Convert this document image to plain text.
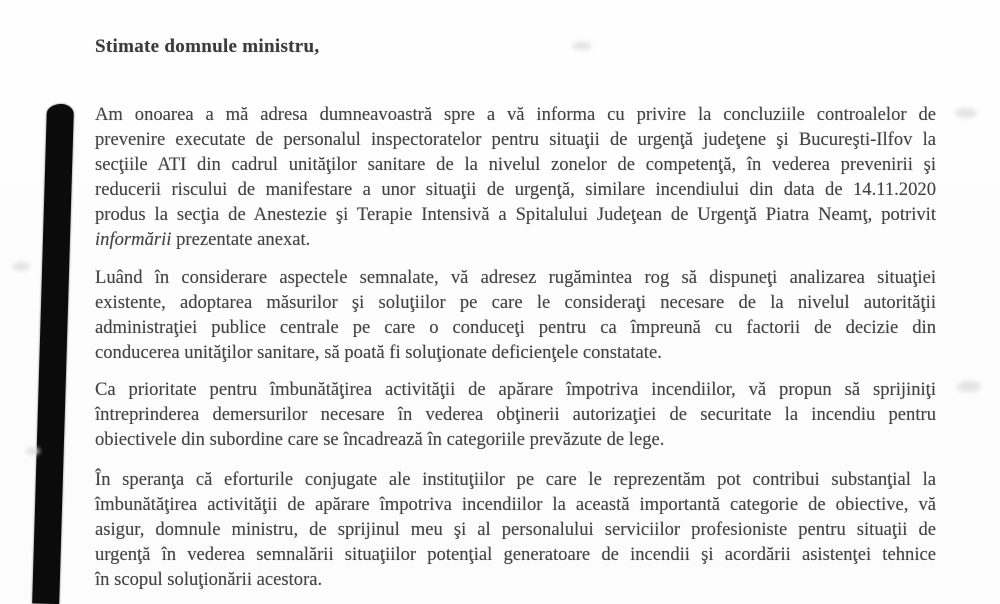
Stimate domnule ministru,
Am onoarea a mă adresa dumneavoastră spre a vă informa cu privire la concluziile controalelor de
prevenire executate de personalul inspectoratelor pentru situaţii de urgenţă judeţene şi Bucureşti-Ilfov la
secţiile ATI din cadrul unităţilor sanitare de la nivelul zonelor de competenţă, în vederea prevenirii şi
reducerii riscului de manifestare a unor situaţii de urgenţă, similare incendiului din data de 14.11.2020
produs la secţia de Anestezie şi Terapie Intensivă a Spitalului Judeţean de Urgenţă Piatra Neamţ, potrivit
informării prezentate anexat.
Luând în considerare aspectele semnalate, vă adresez rugămintea rog să dispuneţi analizarea situaţiei
existente, adoptarea măsurilor şi soluţiilor pe care le consideraţi necesare de la nivelul autorităţii
administraţiei publice centrale pe care o conduceţi pentru ca împreună cu factorii de decizie din
conducerea unităţilor sanitare, să poată fi soluţionate deficienţele constatate.
Ca prioritate pentru îmbunătăţirea activităţii de apărare împotriva incendiilor, vă propun să sprijiniţi
întreprinderea demersurilor necesare în vederea obţinerii autorizaţiei de securitate la incendiu pentru
obiectivele din subordine care se încadrează în categoriile prevăzute de lege.
În speranţa că eforturile conjugate ale instituţiilor pe care le reprezentăm pot contribui substanţial la
îmbunătăţirea activităţii de apărare împotriva incendiilor la această importantă categorie de obiective, vă
asigur, domnule ministru, de sprijinul meu şi al personalului serviciilor profesioniste pentru situaţii de
urgenţă în vederea semnalării situaţiilor potenţial generatoare de incendii şi acordării asistenţei tehnice
în scopul soluţionării acestora.
